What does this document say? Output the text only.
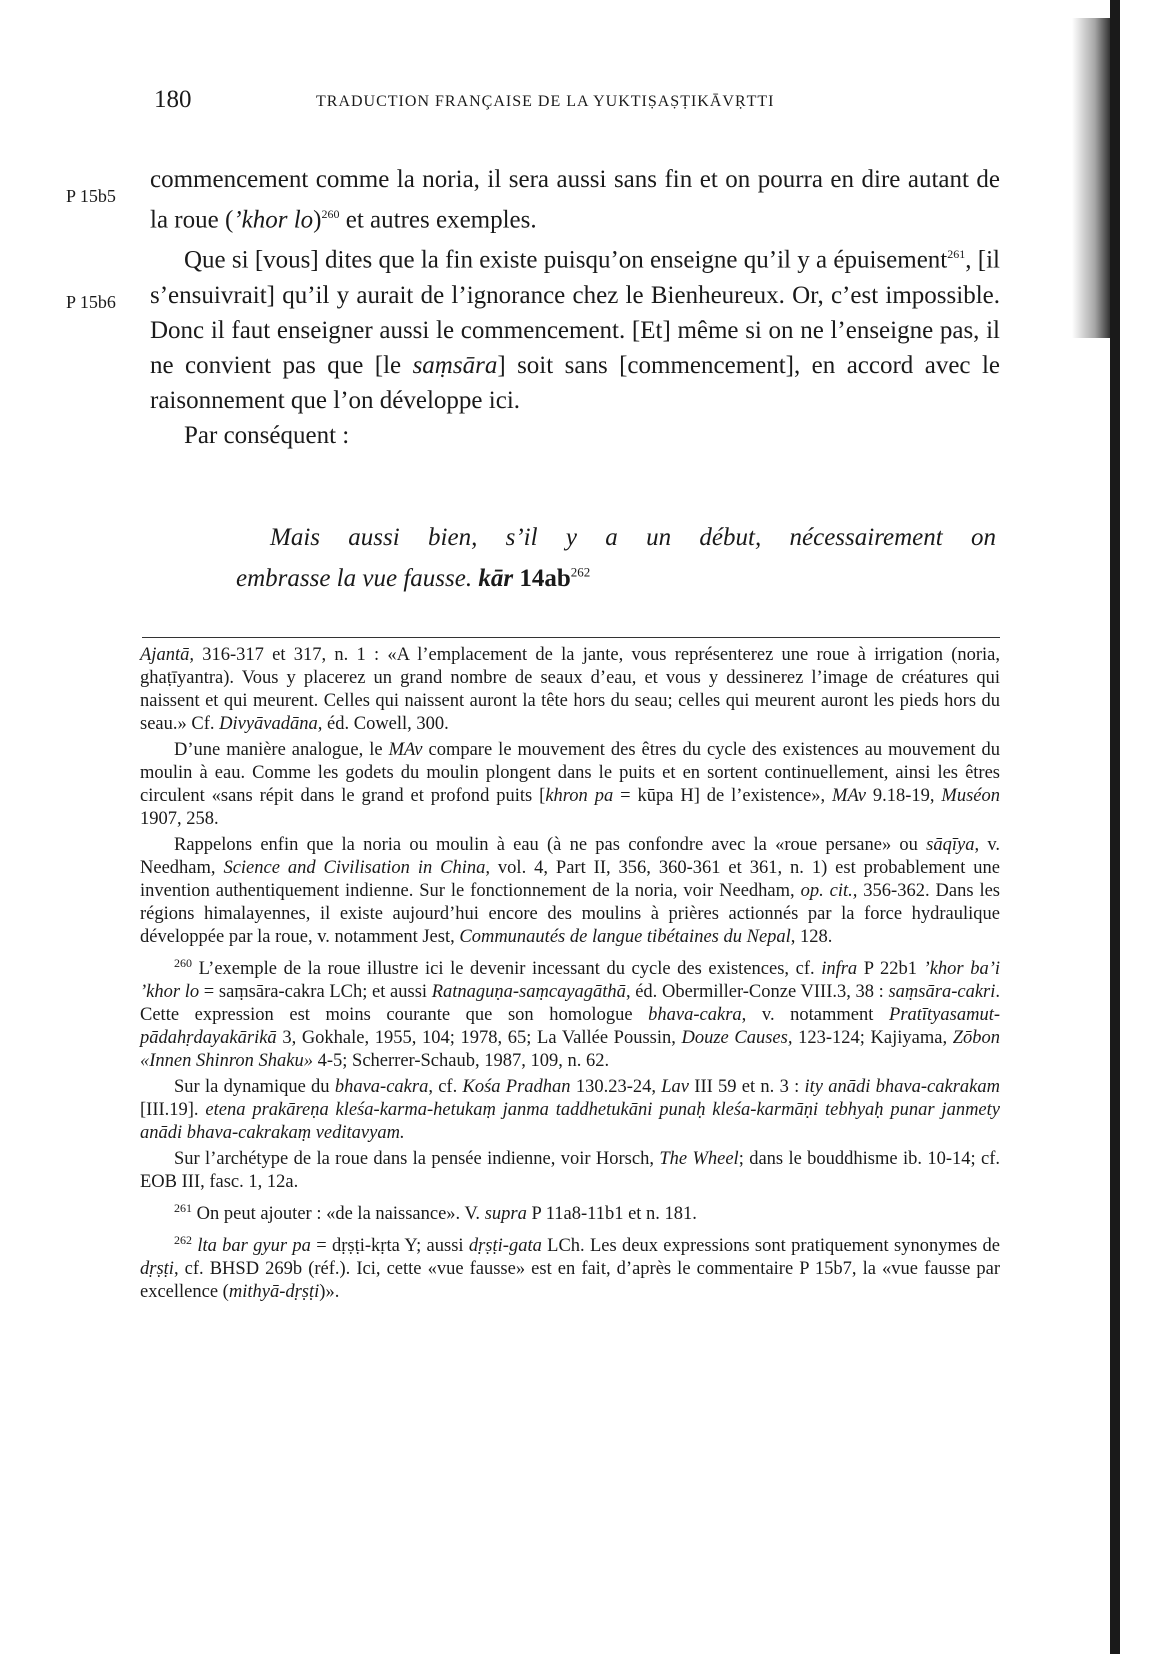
180	TRADUCTION FRANÇAISE DE LA YUKTIṢAṢṬIKĀVṚTTI
P 15b5
P 15b6

commencement comme la noria, il sera aussi sans fin et on pourra en dire autant de la roue (’khor lo)$^{260}$ et autres exemples.

Que si [vous] dites que la fin existe puisqu’on enseigne qu’il y a épuisement$^{261}$, [il s’ensuivrait] qu’il y aurait de l’ignorance chez le Bienheureux. Or, c’est impossible. Donc il faut enseigner aussi le commencement. [Et] même si on ne l’enseigne pas, il ne convient pas que [le saṃsāra] soit sans [commencement], en accord avec le raisonnement que l’on développe ici.

Par conséquent :

Mais aussi bien, s’il y a un début, nécessairement on
embrasse la vue fausse. kār $14ab^{262}$

Ajantā, 316-317 et 317, n. 1 : «A l’emplacement de la jante, vous représenterez une roue à irrigation (noria, ghaṭīyantra). Vous y placerez un grand nombre de seaux d’eau, et vous y dessinerez l’image de créatures qui naissent et qui meurent. Celles qui naissent auront la tête hors du seau; celles qui meurent auront les pieds hors du seau.» Cf. Divyāvadāna, éd. Cowell, 300.

D’une manière analogue, le MAv compare le mouvement des êtres du cycle des existences au mouvement du moulin à eau. Comme les godets du moulin plongent dans le puits et en sortent continuellement, ainsi les êtres circulent «sans répit dans le grand et profond puits [khron pa = kūpa H] de l’existence», MAv 9.18-19, Muséon 1907, 258.

Rappelons enfin que la noria ou moulin à eau (à ne pas confondre avec la «roue persane» ou sāqīya, v. Needham, Science and Civilisation in China, vol. 4, Part II, 356, 360-361 et 361, n. 1) est probablement une invention authentiquement indienne. Sur le fonctionnement de la noria, voir Needham, op. cit., 356-362. Dans les régions himalayennes, il existe aujourd’hui encore des moulins à prières actionnés par la force hydraulique développée par la roue, v. notamment Jest, Communautés de langue tibétaines du Nepal, 128.

$^{260}$ L’exemple de la roue illustre ici le devenir incessant du cycle des existences, cf. infra P 22b1 ’khor ba’i ’khor lo = saṃsāra-cakra LCh; et aussi Ratnaguṇa-saṃcayagāthā, éd. Obermiller-Conze VIII.3, 38 : saṃsāra-cakri. Cette expression est moins courante que son homologue bhava-cakra, v. notamment Pratītyasamut-pādahṛdayakārikā 3, Gokhale, 1955, 104; 1978, 65; La Vallée Poussin, Douze Causes, 123-124; Kajiyama, Zōbon «Innen Shinron Shaku» 4-5; Scherrer-Schaub, 1987, 109, n. 62.

Sur la dynamique du bhava-cakra, cf. Kośa Pradhan 130.23-24, Lav III 59 et n. 3 : ity anādi bhava-cakrakam [III.19]. etena prakāreṇa kleśa-karma-hetukaṃ janma taddhetukāni punaḥ kleśa-karmāṇi tebhyaḥ punar janmety anādi bhava-cakrakaṃ veditavyam.

Sur l’archétype de la roue dans la pensée indienne, voir Horsch, The Wheel; dans le bouddhisme ib. 10-14; cf. EOB III, fasc. 1, 12a.

$^{261}$ On peut ajouter : «de la naissance». V. supra P 11a8-11b1 et n. 181.

$^{262}$ lta bar gyur pa = dṛṣṭi-kṛta Y; aussi dṛṣṭi-gata LCh. Les deux expressions sont pratiquement synonymes de dṛṣṭi, cf. BHSD 269b (réf.). Ici, cette «vue fausse» est en fait, d’après le commentaire P 15b7, la «vue fausse par excellence (mithyā-dṛṣṭi)».
